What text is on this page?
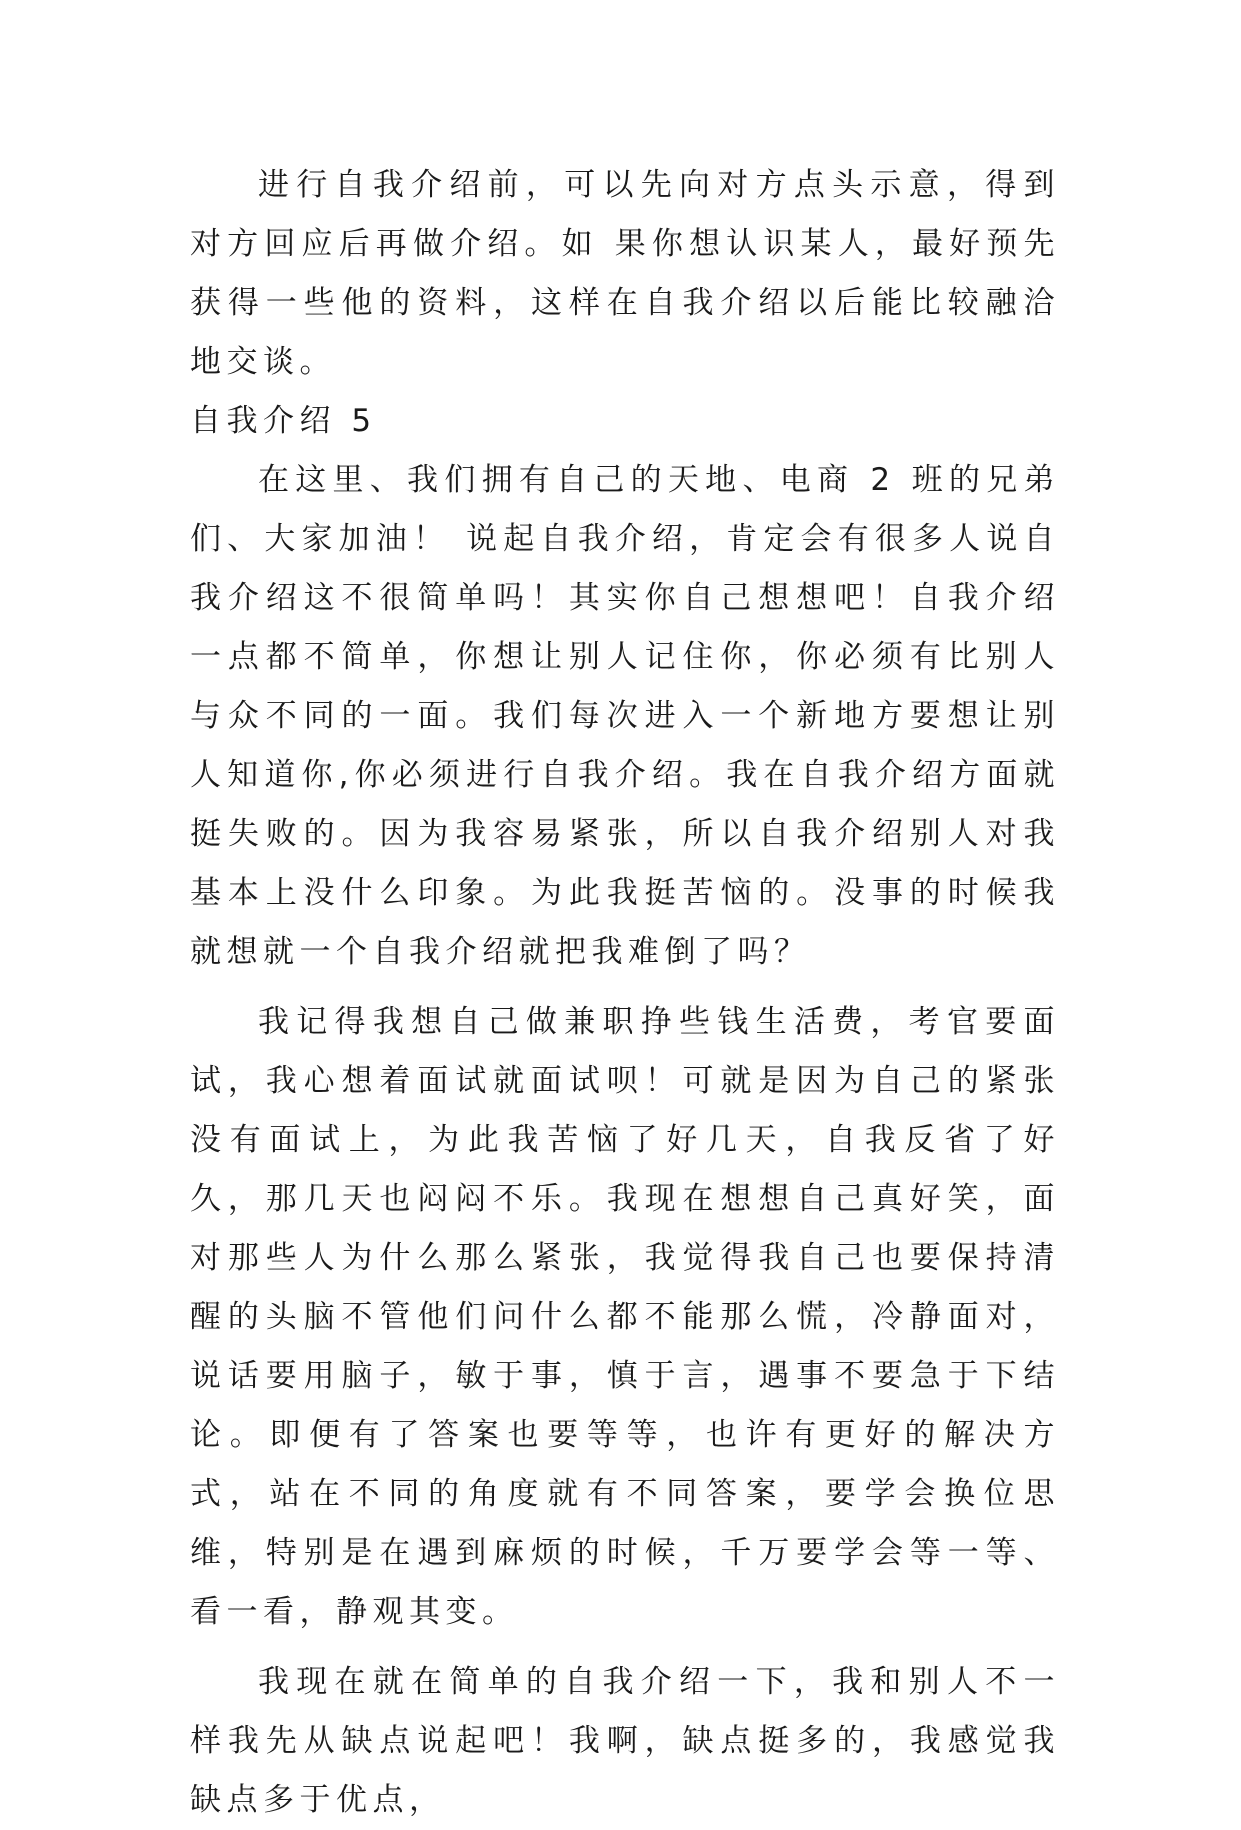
进行自我介绍前，可以先向对方点头示意，得到对方回应后再做介绍。如 果你想认识某人，最好预先获得一些他的资料，这样在自我介绍以后能比较融洽地交谈。

自我介绍 5

在这里、我们拥有自己的天地、电商 2 班的兄弟们、大家加油！ 说起自我介绍，肯定会有很多人说自我介绍这不很简单吗！其实你自己想想吧！自我介绍一点都不简单，你想让别人记住你，你必须有比别人与众不同的一面。我们每次进入一个新地方要想让别人知道你,你必须进行自我介绍。我在自我介绍方面就挺失败的。因为我容易紧张，所以自我介绍别人对我基本上没什么印象。为此我挺苦恼的。没事的时候我就想就一个自我介绍就把我难倒了吗？

我记得我想自己做兼职挣些钱生活费，考官要面试，我心想着面试就面试呗！可就是因为自己的紧张没有面试上，为此我苦恼了好几天，自我反省了好久，那几天也闷闷不乐。我现在想想自己真好笑，面对那些人为什么那么紧张，我觉得我自己也要保持清醒的头脑不管他们问什么都不能那么慌，冷静面对，说话要用脑子，敏于事，慎于言，遇事不要急于下结论。即便有了答案也要等等，也许有更好的解决方式，站在不同的角度就有不同答案，要学会换位思维，特别是在遇到麻烦的时候，千万要学会等一等、看一看，静观其变。

我现在就在简单的自我介绍一下，我和别人不一样我先从缺点说起吧！我啊，缺点挺多的，我感觉我缺点多于优点，
